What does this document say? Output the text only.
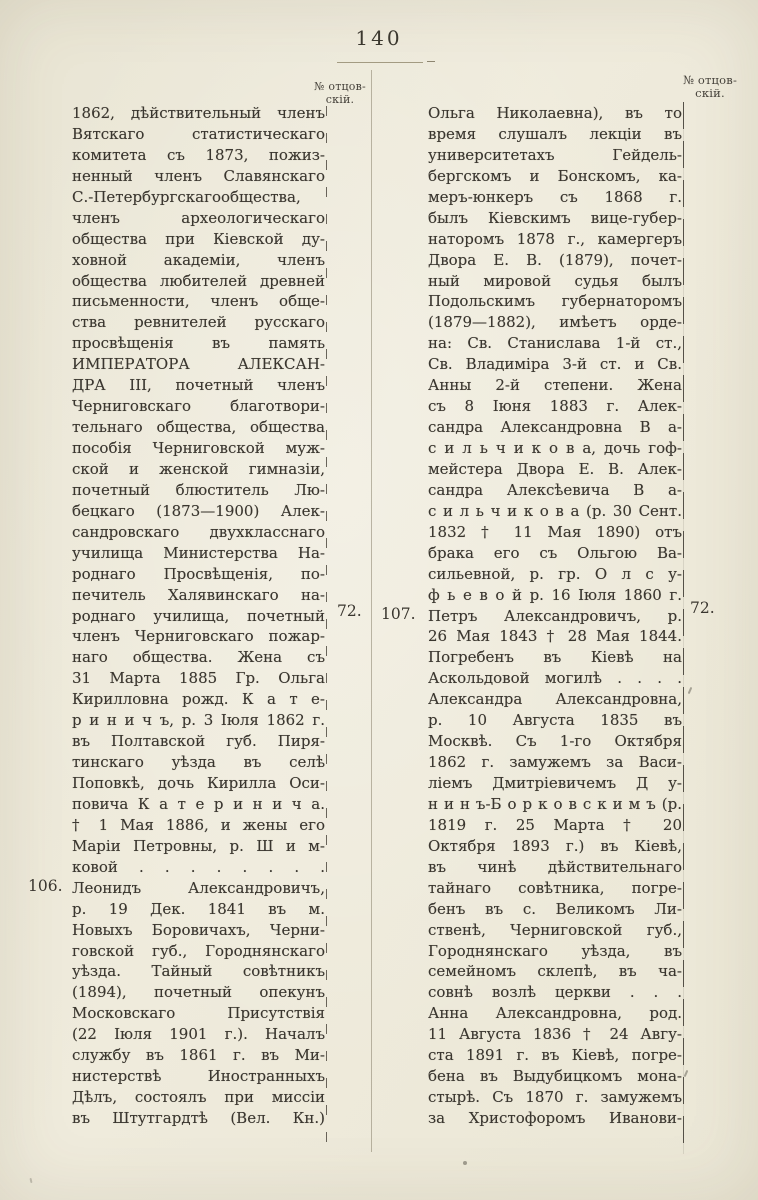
140
№ отцов-
скій.
№ отцов-
скій.
72.	72.
106.
107.
1862, дѣйствительный членъ
Вятскаго статистическаго
комитета съ 1873, пожиз-
ненный членъ Славянскаго
С.-Петербургскагообщества,
членъ археологическаго
общества при Кіевской ду-
ховной академіи, членъ
общества любителей древней
письменности, членъ обще-
ства ревнителей русскаго
просвѣщенія въ память
ИМПЕРАТОРА АЛЕКСАН-
ДРА III, почетный членъ
Черниговскаго благотвори-
тельнаго общества, общества
пособія Черниговской муж-
ской и женской гимназіи,
почетный блюститель Лю-
бецкаго (1873—1900) Алек-
сандровскаго двухкласснаго
училища Министерства На-
роднаго Просвѣщенія, по-
печитель Халявинскаго на-
роднаго училища, почетный
членъ Черниговскаго пожар-
наго общества. Жена съ
31 Марта 1885 Гр. Ольга
Кирилловна рожд. К а т е-
р и н и ч ъ, р. 3 Іюля 1862 г.
въ Полтавской губ. Пиря-
тинскаго уѣзда въ селѣ
Поповкѣ, дочь Кирилла Оси-
повича К а т е р и н и ч а.
† 1 Мая 1886, и жены его
Маріи Петровны, р. Ш и м-
ковой . . . . . . . .
Леонидъ Александровичъ,
р. 19 Дек. 1841 въ м.
Новыхъ Боровичахъ, Черни-
говской губ., Городнянскаго
уѣзда. Тайный совѣтникъ
(1894), почетный опекунъ
Московскаго Присутствія
(22 Іюля 1901 г.). Началъ
службу въ 1861 г. въ Ми-
нистерствѣ Иностранныхъ
Дѣлъ, состоялъ при миссіи
въ Штутгардтѣ (Вел. Кн.)
Ольга Николаевна), въ то
время слушалъ лекціи въ
университетахъ Гейдель-
бергскомъ и Бонскомъ, ка-
меръ-юнкеръ съ 1868 г.
былъ Кіевскимъ вице-губер-
наторомъ 1878 г., камергеръ
Двора Е. В. (1879), почет-
ный мировой судья былъ
Подольскимъ губернаторомъ
(1879—1882), имѣетъ орде-
на: Св. Станислава 1-й ст.,
Св. Владиміра 3-й ст. и Св.
Анны 2-й степени. Жена
съ 8 Іюня 1883 г. Алек-
сандра Александровна В а-
с и л ь ч и к о в а, дочь гоф-
мейстера Двора Е. В. Алек-
сандра Алексѣевича В а-
с и л ь ч и к о в а (р. 30 Сент.
1832 † 11 Мая 1890) отъ
брака его съ Ольгою Ва-
сильевной, р. гр. О л с у-
ф ь е в о й р. 16 Іюля 1860 г.
Петръ Александровичъ, р.
26 Мая 1843 † 28 Мая 1844.
Погребенъ въ Кіевѣ на
Аскольдовой могилѣ . . . .
Александра Александровна,
р. 10 Августа 1835 въ
Москвѣ. Съ 1-го Октября
1862 г. замужемъ за Васи-
ліемъ Дмитріевичемъ Д у-
н и н ъ-Б о р к о в с к и м ъ (р.
1819 г. 25 Марта † 20
Октября 1893 г.) въ Кіевѣ,
въ чинѣ дѣйствительнаго
тайнаго совѣтника, погре-
бенъ въ с. Великомъ Ли-
ственѣ, Черниговской губ.,
Городнянскаго уѣзда, въ
семейномъ склепѣ, въ ча-
совнѣ возлѣ церкви . . .
Анна Александровна, род.
11 Августа 1836 † 24 Авгу-
ста 1891 г. въ Кіевѣ, погре-
бена въ Выдубицкомъ мона-
стырѣ. Съ 1870 г. замужемъ
за Христофоромъ Иванови-
